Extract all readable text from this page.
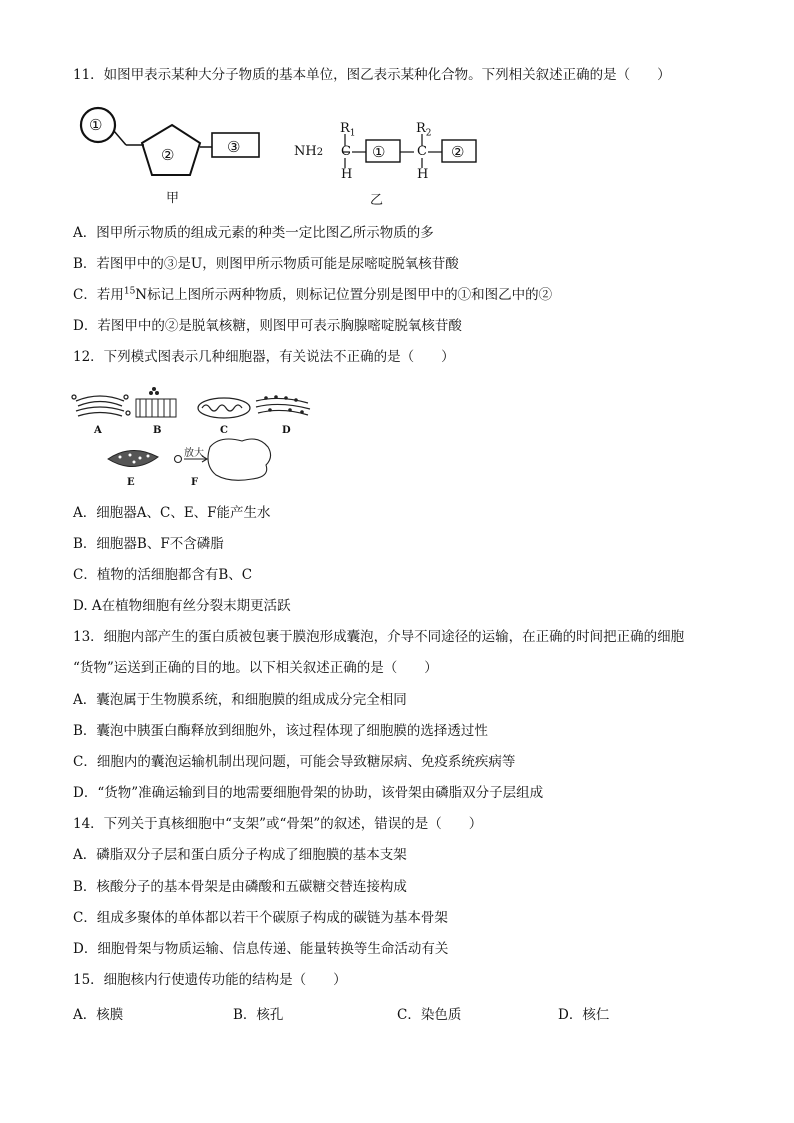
11．如图甲表示某种大分子物质的基本单位，图乙表示某种化合物。下列相关叙述正确的是（　　）
①
②	③
甲
NH2
$R_1$
C
H
①
$R_2$
C
H
②
乙
A．图甲所示物质的组成元素的种类一定比图乙所示物质的多
B．若图甲中的③是U，则图甲所示物质可能是尿嘧啶脱氧核苷酸
C．若用$^{15}$N标记上图所示两种物质，则标记位置分别是图甲中的①和图乙中的②
D．若图甲中的②是脱氧核糖，则图甲可表示胸腺嘧啶脱氧核苷酸
12．下列模式图表示几种细胞器，有关说法不正确的是（　　）
A	B	C	D
E	F
放大
A．细胞器A、C、E、F能产生水
B．细胞器B、F不含磷脂
C．植物的活细胞都含有B、C
D. A在植物细胞有丝分裂末期更活跃
13．细胞内部产生的蛋白质被包裹于膜泡形成囊泡，介导不同途径的运输，在正确的时间把正确的细胞
“货物”运送到正确的目的地。以下相关叙述正确的是（　　）
A．囊泡属于生物膜系统，和细胞膜的组成成分完全相同
B．囊泡中胰蛋白酶释放到细胞外，该过程体现了细胞膜的选择透过性
C．细胞内的囊泡运输机制出现问题，可能会导致糖尿病、免疫系统疾病等
D．“货物”准确运输到目的地需要细胞骨架的协助，该骨架由磷脂双分子层组成
14．下列关于真核细胞中“支架”或“骨架”的叙述，错误的是（　　）
A．磷脂双分子层和蛋白质分子构成了细胞膜的基本支架
B．核酸分子的基本骨架是由磷酸和五碳糖交替连接构成
C．组成多聚体的单体都以若干个碳原子构成的碳链为基本骨架
D．细胞骨架与物质运输、信息传递、能量转换等生命活动有关
15．细胞核内行使遗传功能的结构是（　　）
A．核膜	B．核孔	C．染色质	D．核仁
